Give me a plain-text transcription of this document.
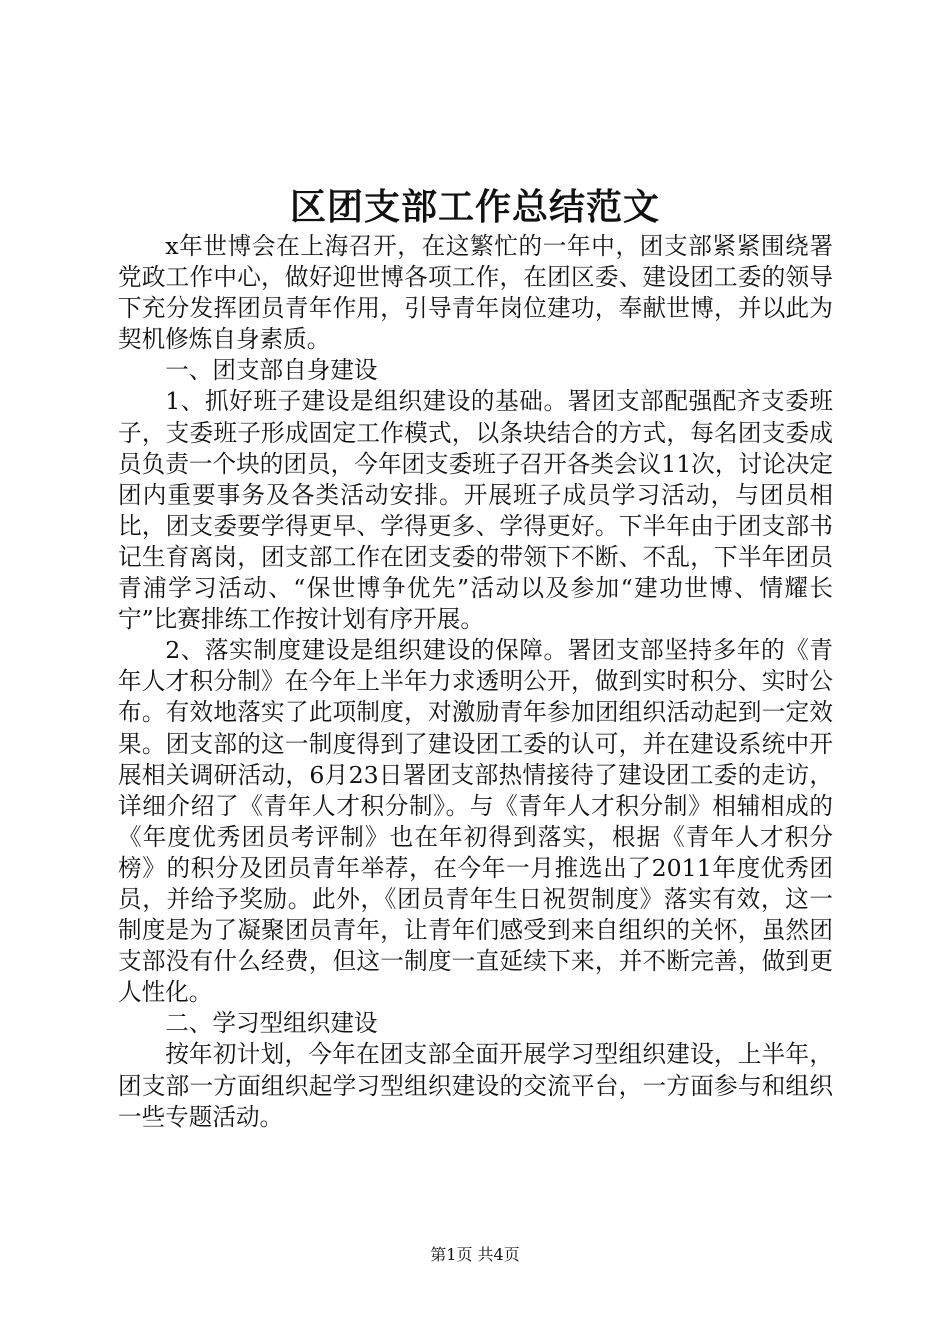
区团支部工作总结范文

x年世博会在上海召开，在这繁忙的一年中，团支部紧紧围绕署党政工作中心，做好迎世博各项工作，在团区委、建设团工委的领导下充分发挥团员青年作用，引导青年岗位建功，奉献世博，并以此为契机修炼自身素质。

一、团支部自身建设

1、抓好班子建设是组织建设的基础。署团支部配强配齐支委班子，支委班子形成固定工作模式，以条块结合的方式，每名团支委成员负责一个块的团员，今年团支委班子召开各类会议11次，讨论决定团内重要事务及各类活动安排。开展班子成员学习活动，与团员相比，团支委要学得更早、学得更多、学得更好。下半年由于团支部书记生育离岗，团支部工作在团支委的带领下不断、不乱，下半年团员青浦学习活动、“保世博争优先”活动以及参加“建功世博、情耀长宁”比赛排练工作按计划有序开展。

2、落实制度建设是组织建设的保障。署团支部坚持多年的《青年人才积分制》在今年上半年力求透明公开，做到实时积分、实时公布。有效地落实了此项制度，对激励青年参加团组织活动起到一定效果。团支部的这一制度得到了建设团工委的认可，并在建设系统中开展相关调研活动，6月23日署团支部热情接待了建设团工委的走访，详细介绍了《青年人才积分制》。与《青年人才积分制》相辅相成的《年度优秀团员考评制》也在年初得到落实，根据《青年人才积分榜》的积分及团员青年举荐，在今年一月推选出了2011年度优秀团员，并给予奖励。此外，《团员青年生日祝贺制度》落实有效，这一制度是为了凝聚团员青年，让青年们感受到来自组织的关怀，虽然团支部没有什么经费，但这一制度一直延续下来，并不断完善，做到更人性化。

二、学习型组织建设

按年初计划，今年在团支部全面开展学习型组织建设，上半年，团支部一方面组织起学习型组织建设的交流平台，一方面参与和组织一些专题活动。

第1页 共4页
